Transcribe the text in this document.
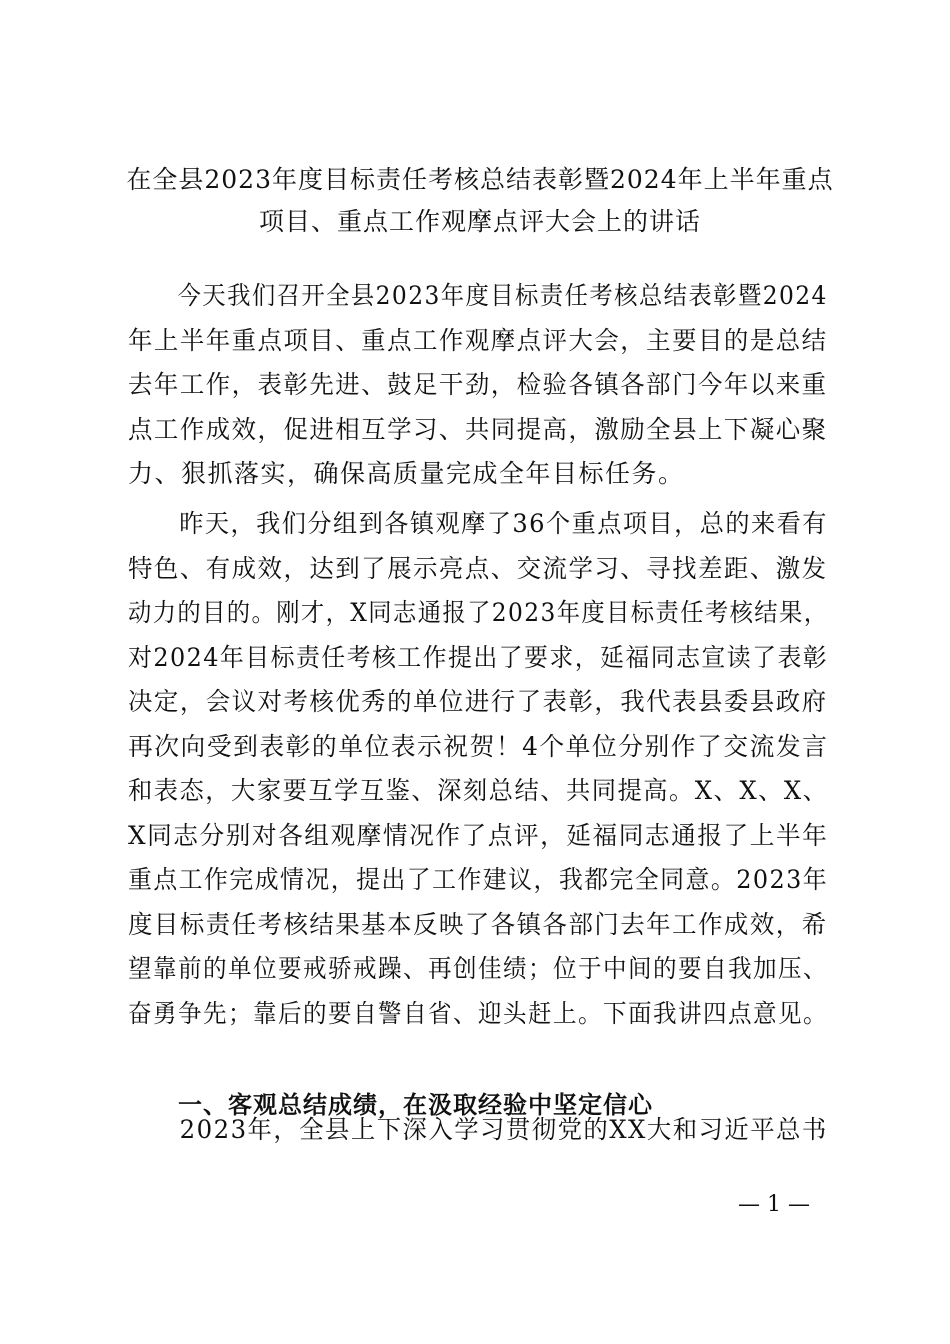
在全县2023年度目标责任考核总结表彰暨2024年上半年重点
项目、重点工作观摩点评大会上的讲话
　　今天我们召开全县2023年度目标责任考核总结表彰暨2024
年上半年重点项目、重点工作观摩点评大会，主要目的是总结
去年工作，表彰先进、鼓足干劲，检验各镇各部门今年以来重
点工作成效，促进相互学习、共同提高，激励全县上下凝心聚
力、狠抓落实，确保高质量完成全年目标任务。
　　昨天，我们分组到各镇观摩了36个重点项目，总的来看有
特色、有成效，达到了展示亮点、交流学习、寻找差距、激发
动力的目的。刚才，X同志通报了2023年度目标责任考核结果，
对2024年目标责任考核工作提出了要求，延福同志宣读了表彰
决定，会议对考核优秀的单位进行了表彰，我代表县委县政府
再次向受到表彰的单位表示祝贺！4个单位分别作了交流发言
和表态，大家要互学互鉴、深刻总结、共同提高。X、X、X、
X同志分别对各组观摩情况作了点评，延福同志通报了上半年
重点工作完成情况，提出了工作建议，我都完全同意。2023年
度目标责任考核结果基本反映了各镇各部门去年工作成效，希
望靠前的单位要戒骄戒躁、再创佳绩；位于中间的要自我加压、
奋勇争先；靠后的要自警自省、迎头赶上。下面我讲四点意见。
一、客观总结成绩，在汲取经验中坚定信心
　　2023年，全县上下深入学习贯彻党的XX大和习近平总书
— 1 —
